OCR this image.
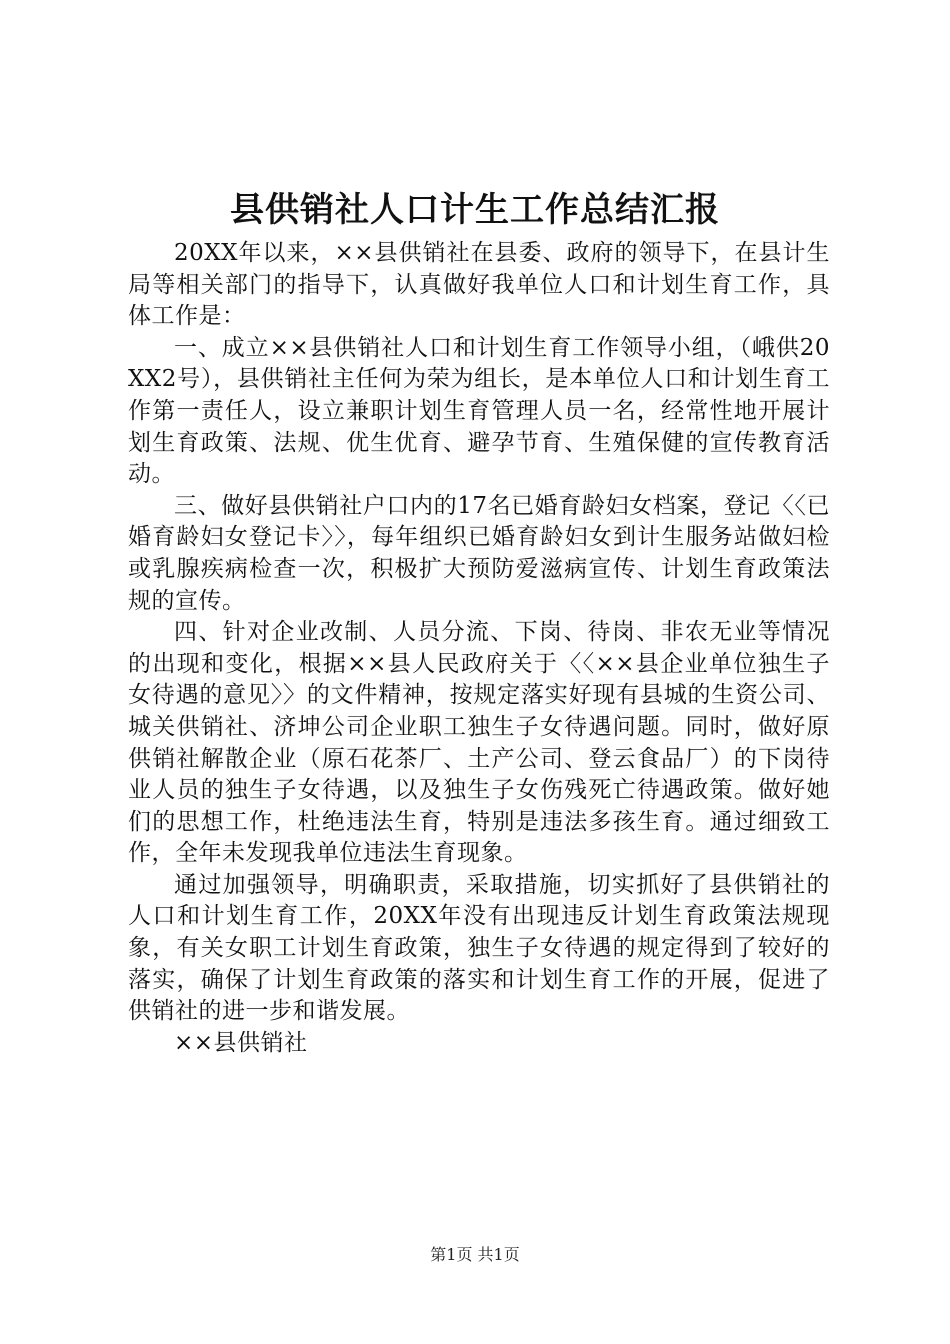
县供销社人口计生工作总结汇报

20XX年以来，××县供销社在县委、政府的领导下，在县计生局等相关部门的指导下，认真做好我单位人口和计划生育工作，具体工作是：

一、成立××县供销社人口和计划生育工作领导小组，（峨供20XX2号），县供销社主任何为荣为组长，是本单位人口和计划生育工作第一责任人，设立兼职计划生育管理人员一名，经常性地开展计划生育政策、法规、优生优育、避孕节育、生殖保健的宣传教育活动。

三、做好县供销社户口内的17名已婚育龄妇女档案，登记〈〈已婚育龄妇女登记卡〉〉，每年组织已婚育龄妇女到计生服务站做妇检或乳腺疾病检查一次，积极扩大预防爱滋病宣传、计划生育政策法规的宣传。

四、针对企业改制、人员分流、下岗、待岗、非农无业等情况的出现和变化，根据××县人民政府关于〈〈××县企业单位独生子女待遇的意见〉〉的文件精神，按规定落实好现有县城的生资公司、城关供销社、济坤公司企业职工独生子女待遇问题。同时，做好原供销社解散企业（原石花茶厂、土产公司、登云食品厂）的下岗待业人员的独生子女待遇，以及独生子女伤残死亡待遇政策。做好她们的思想工作，杜绝违法生育，特别是违法多孩生育。通过细致工作，全年未发现我单位违法生育现象。

通过加强领导，明确职责，采取措施，切实抓好了县供销社的人口和计划生育工作，20XX年没有出现违反计划生育政策法规现象，有关女职工计划生育政策，独生子女待遇的规定得到了较好的落实，确保了计划生育政策的落实和计划生育工作的开展，促进了供销社的进一步和谐发展。

××县供销社

第1页 共1页
